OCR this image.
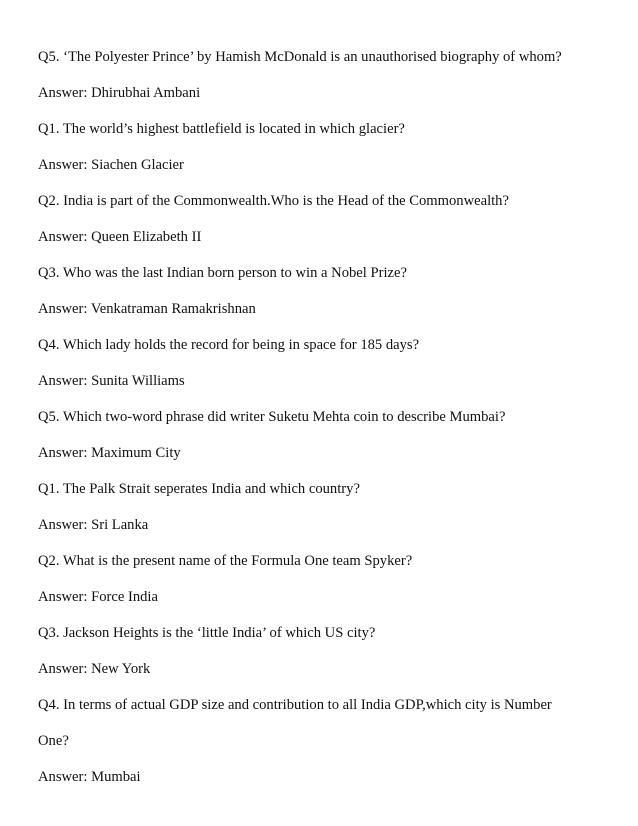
Q5. ‘The Polyester Prince’ by Hamish McDonald is an unauthorised biography of whom?

Answer: Dhirubhai Ambani

Q1. The world’s highest battlefield is located in which glacier?

Answer: Siachen Glacier

Q2. India is part of the Commonwealth.Who is the Head of the Commonwealth?

Answer: Queen Elizabeth II

Q3. Who was the last Indian born person to win a Nobel Prize?

Answer: Venkatraman Ramakrishnan

Q4. Which lady holds the record for being in space for 185 days?

Answer: Sunita Williams

Q5. Which two-word phrase did writer Suketu Mehta coin to describe Mumbai?

Answer: Maximum City

Q1. The Palk Strait seperates India and which country?

Answer: Sri Lanka

Q2. What is the present name of the Formula One team Spyker?

Answer: Force India

Q3. Jackson Heights is the ‘little India’ of which US city?

Answer: New York

Q4. In terms of actual GDP size and contribution to all India GDP,which city is Number

One?

Answer: Mumbai
